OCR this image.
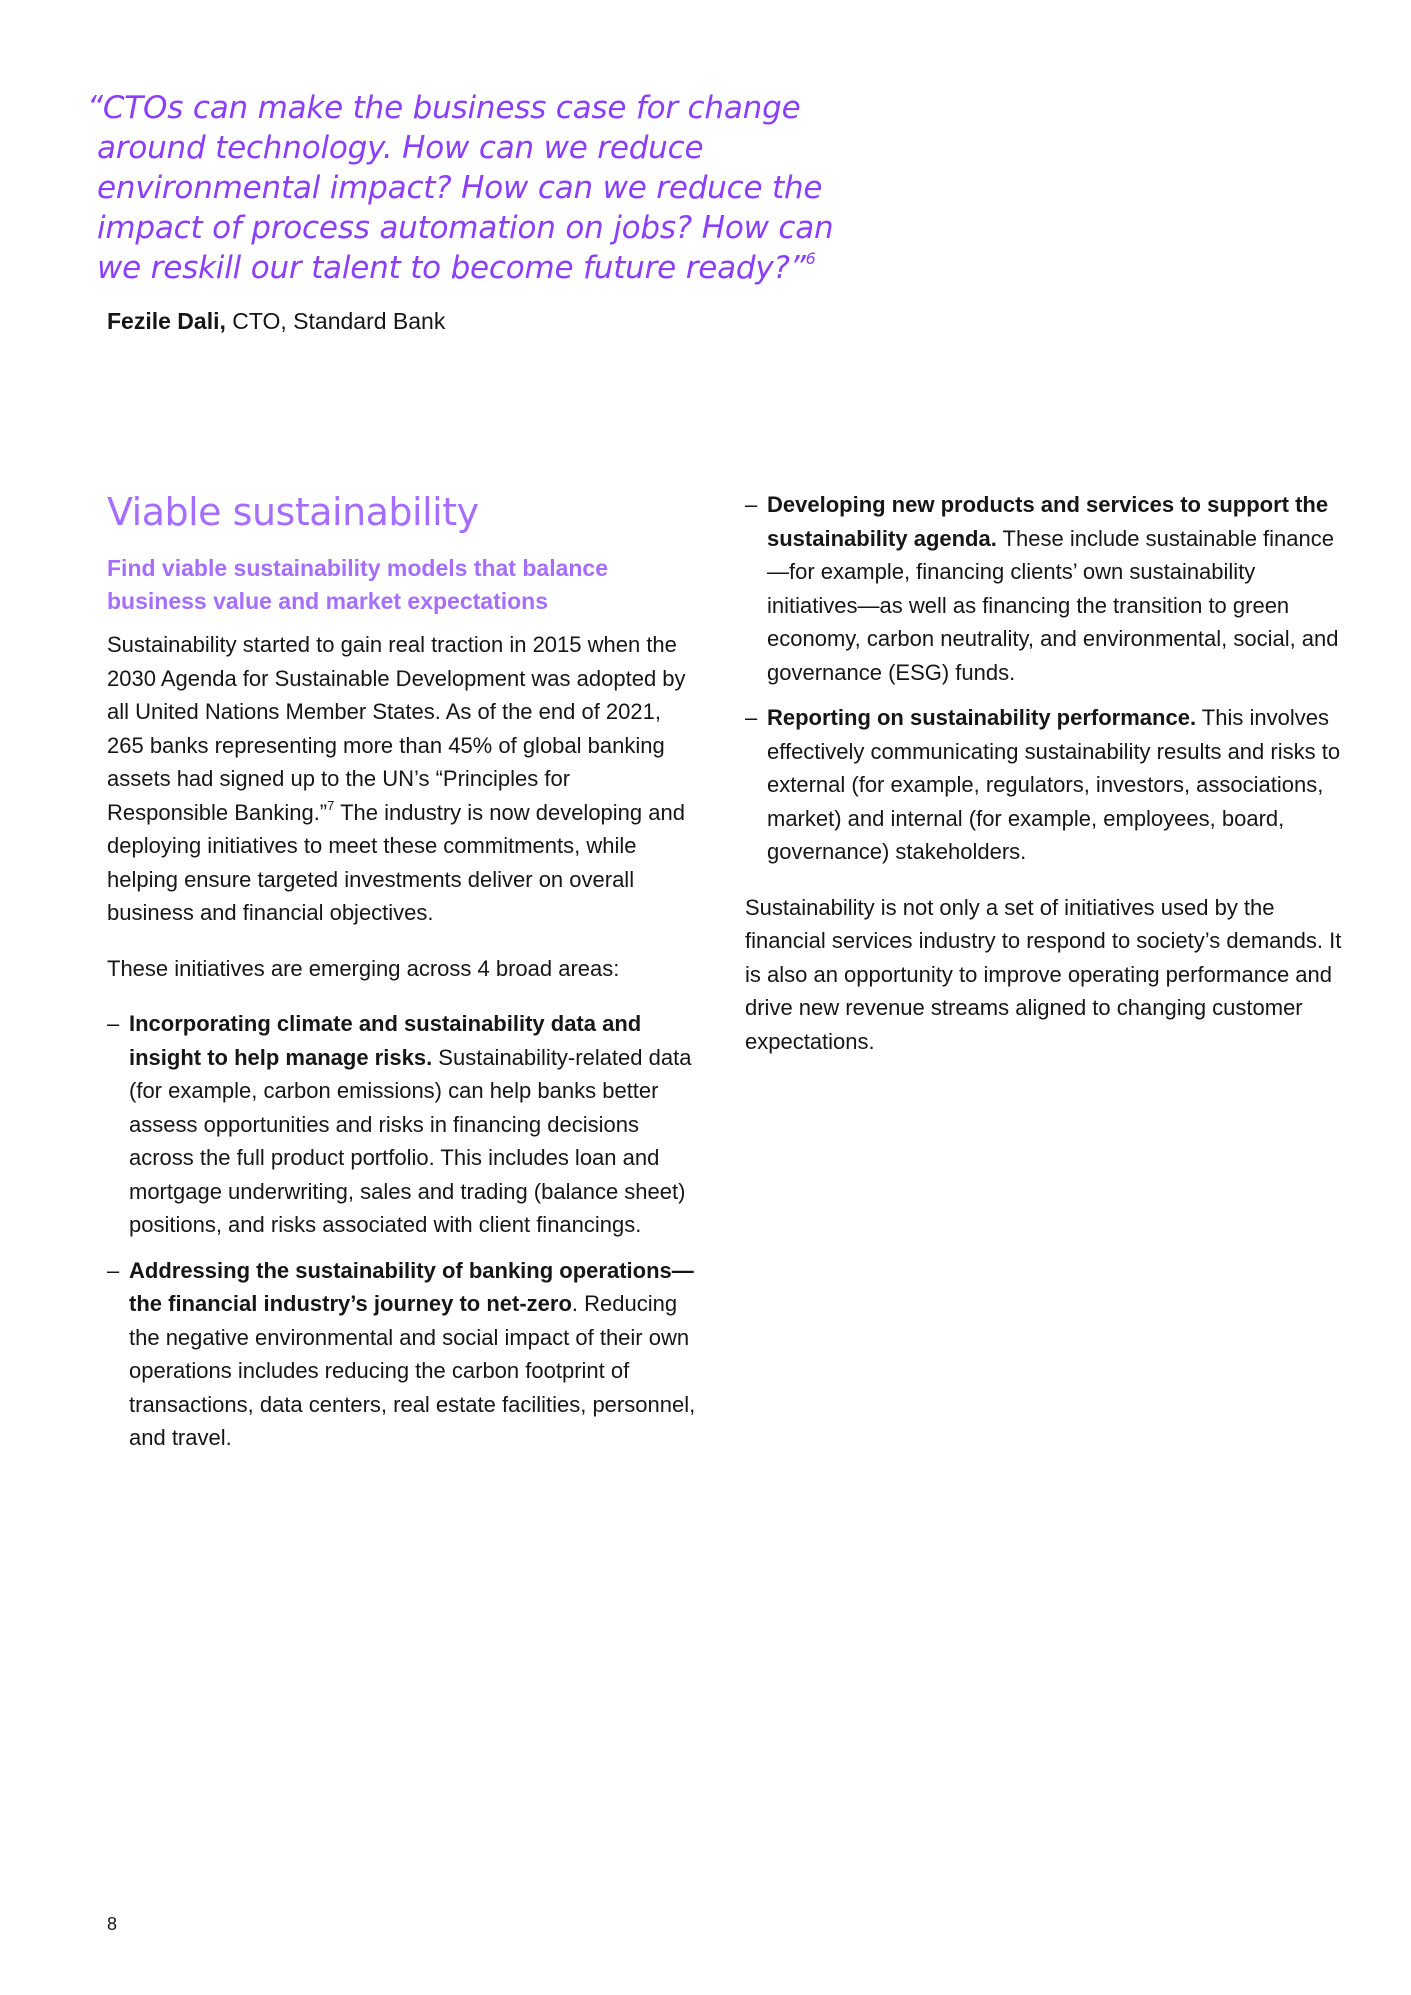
“CTOs can make the business case for change around technology. How can we reduce environmental impact? How can we reduce the impact of process automation on jobs? How can we reskill our talent to become future ready?”$^6$

Fezile Dali, CTO, Standard Bank

Viable sustainability

Find viable sustainability models that balance business value and market expectations

Sustainability started to gain real traction in 2015 when the 2030 Agenda for Sustainable Development was adopted by all United Nations Member States. As of the end of 2021, 265 banks representing more than 45% of global banking assets had signed up to the UN’s “Principles for Responsible Banking.”$^7$ The industry is now developing and deploying initiatives to meet these commitments, while helping ensure targeted investments deliver on overall business and financial objectives.

These initiatives are emerging across 4 broad areas:

– Incorporating climate and sustainability data and insight to help manage risks. Sustainability-related data (for example, carbon emissions) can help banks better assess opportunities and risks in financing decisions across the full product portfolio. This includes loan and mortgage underwriting, sales and trading (balance sheet) positions, and risks associated with client financings.
– Addressing the sustainability of banking operations—the financial industry’s journey to net-zero. Reducing the negative environmental and social impact of their own operations includes reducing the carbon footprint of transactions, data centers, real estate facilities, personnel, and travel.
– Developing new products and services to support the sustainability agenda. These include sustainable finance—for example, financing clients’ own sustainability initiatives—as well as financing the transition to green economy, carbon neutrality, and environmental, social, and governance (ESG) funds.
– Reporting on sustainability performance. This involves effectively communicating sustainability results and risks to external (for example, regulators, investors, associations, market) and internal (for example, employees, board, governance) stakeholders.

Sustainability is not only a set of initiatives used by the financial services industry to respond to society’s demands. It is also an opportunity to improve operating performance and drive new revenue streams aligned to changing customer expectations.

8
